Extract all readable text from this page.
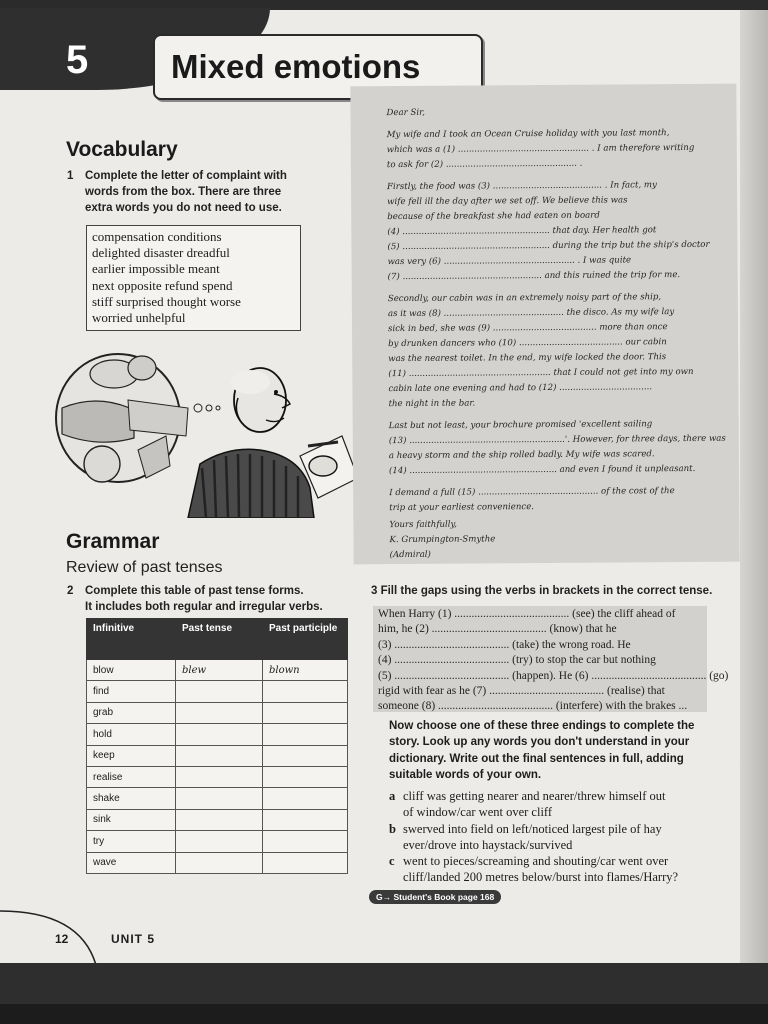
5	Mixed emotions
Vocabulary
1 Complete the letter of complaint with
words from the box. There are three
extra words you do not need to use.
compensation conditions
delighted disaster dreadful
earlier impossible meant
next opposite refund spend
stiff surprised thought worse
worried unhelpful

Dear Sir,

My wife and I took an Ocean Cruise holiday with you last month,

which was a (1) ................................................ . I am therefore writing

to ask for (2) ................................................ .

Firstly, the food was (3) ........................................ . In fact, my

wife fell ill the day after we set off. We believe this was

because of the breakfast she had eaten on board

(4) ...................................................... that day. Her health got

(5) ...................................................... during the trip but the ship's doctor

was very (6) ................................................ . I was quite

(7) ................................................... and this ruined the trip for me.

Secondly, our cabin was in an extremely noisy part of the ship,

as it was (8) ............................................ the disco. As my wife lay

sick in bed, she was (9) ...................................... more than once

by drunken dancers who (10) ...................................... our cabin

was the nearest toilet. In the end, my wife locked the door. This

(11) .................................................... that I could not get into my own

cabin late one evening and had to (12) ..................................

the night in the bar.

Last but not least, your brochure promised 'excellent sailing

(13) .........................................................'. However, for three days, there was

a heavy storm and the ship rolled badly. My wife was scared.

(14) ...................................................... and even I found it unpleasant.

I demand a full (15) ............................................ of the cost of the

trip at your earliest convenience.

Yours faithfully,

K. Grumpington-Smythe

(Admiral)

Grammar
Review of past tenses
2 Complete this table of past tense forms.
It includes both regular and irregular verbs.
Infinitive	Past tense	Past participle
blow	blew	blown
find		
grab		
hold		
keep		
realise		
shake		
sink		
try		
wave		
3 Fill the gaps using the verbs in brackets in the correct tense.
When Harry (1) ........................................ (see) the cliff ahead of
him, he (2) ........................................ (know) that he
(3) ........................................ (take) the wrong road. He
(4) ........................................ (try) to stop the car but nothing
(5) ........................................ (happen). He (6) ........................................ (go)
rigid with fear as he (7) ........................................ (realise) that
someone (8) ........................................ (interfere) with the brakes ...
Now choose one of these three endings to complete the
story. Look up any words you don't understand in your
dictionary. Write out the final sentences in full, adding
suitable words of your own.
a cliff was getting nearer and nearer/threw himself out
of window/car went over cliff
b swerved into field on left/noticed largest pile of hay
ever/drove into haystack/survived
c went to pieces/screaming and shouting/car went over
cliff/landed 200 metres below/burst into flames/Harry?
G→ Student's Book page 168
12	UNIT 5
